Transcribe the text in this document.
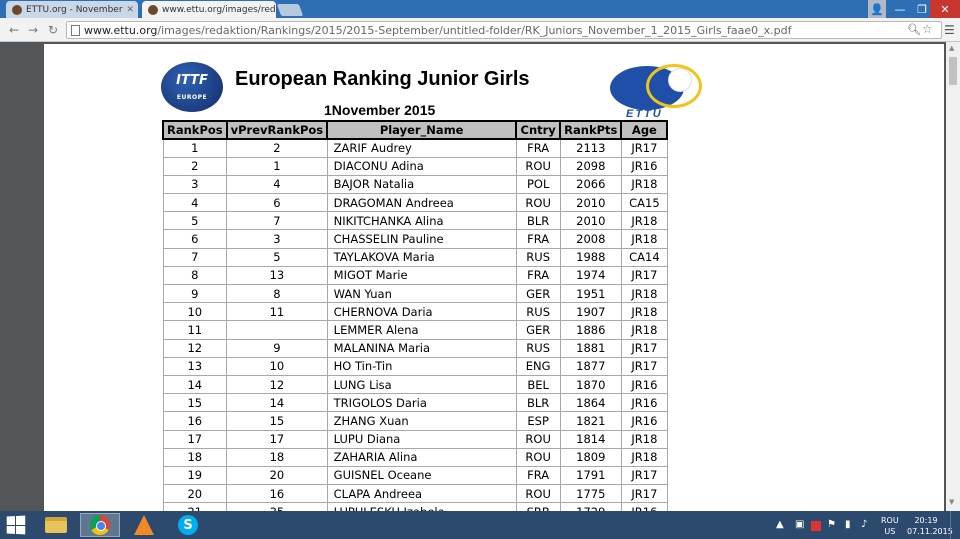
ETTU.org - November ✕	www.ettu.org/images/red	👤 —	❐	✕
← → ↻ www.ettu.org/images/redaktion/Rankings/2015/2015-September/untitled-folder/RK_Juniors_November_1_2015_Girls_faae0_x.pdf	🔍︎ ☆ ☰
ITTF
EUROPE
European Ranking Junior Girls
1November 2015	ETTU
RankPos	vPrevRankPos	Player_Name	Cntry	RankPts	Age
1	2	ZARIF Audrey	FRA	2113	JR17
2	1	DIACONU Adina	ROU	2098	JR16
3	4	BAJOR Natalia	POL	2066	JR18
4	6	DRAGOMAN Andreea	ROU	2010	CA15
5	7	NIKITCHANKA Alina	BLR	2010	JR18
6	3	CHASSELIN Pauline	FRA	2008	JR18
7	5	TAYLAKOVA Maria	RUS	1988	CA14
8	13	MIGOT Marie	FRA	1974	JR17
9	8	WAN Yuan	GER	1951	JR18
10	11	CHERNOVA Daria	RUS	1907	JR18
11		LEMMER Alena	GER	1886	JR18
12	9	MALANINA Maria	RUS	1881	JR17
13	10	HO Tin-Tin	ENG	1877	JR17
14	12	LUNG Lisa	BEL	1870	JR16
15	14	TRIGOLOS Daria	BLR	1864	JR16
16	15	ZHANG Xuan	ESP	1821	JR16
17	17	LUPU Diana	ROU	1814	JR18
18	18	ZAHARIA Alina	ROU	1809	JR18
19	20	GUISNEL Oceane	FRA	1791	JR17
20	16	CLAPA Andreea	ROU	1775	JR17

▲
▼
S	▲ ▣ ⚑ ▮ ♪ ROU
US
20:19
07.11.2015
